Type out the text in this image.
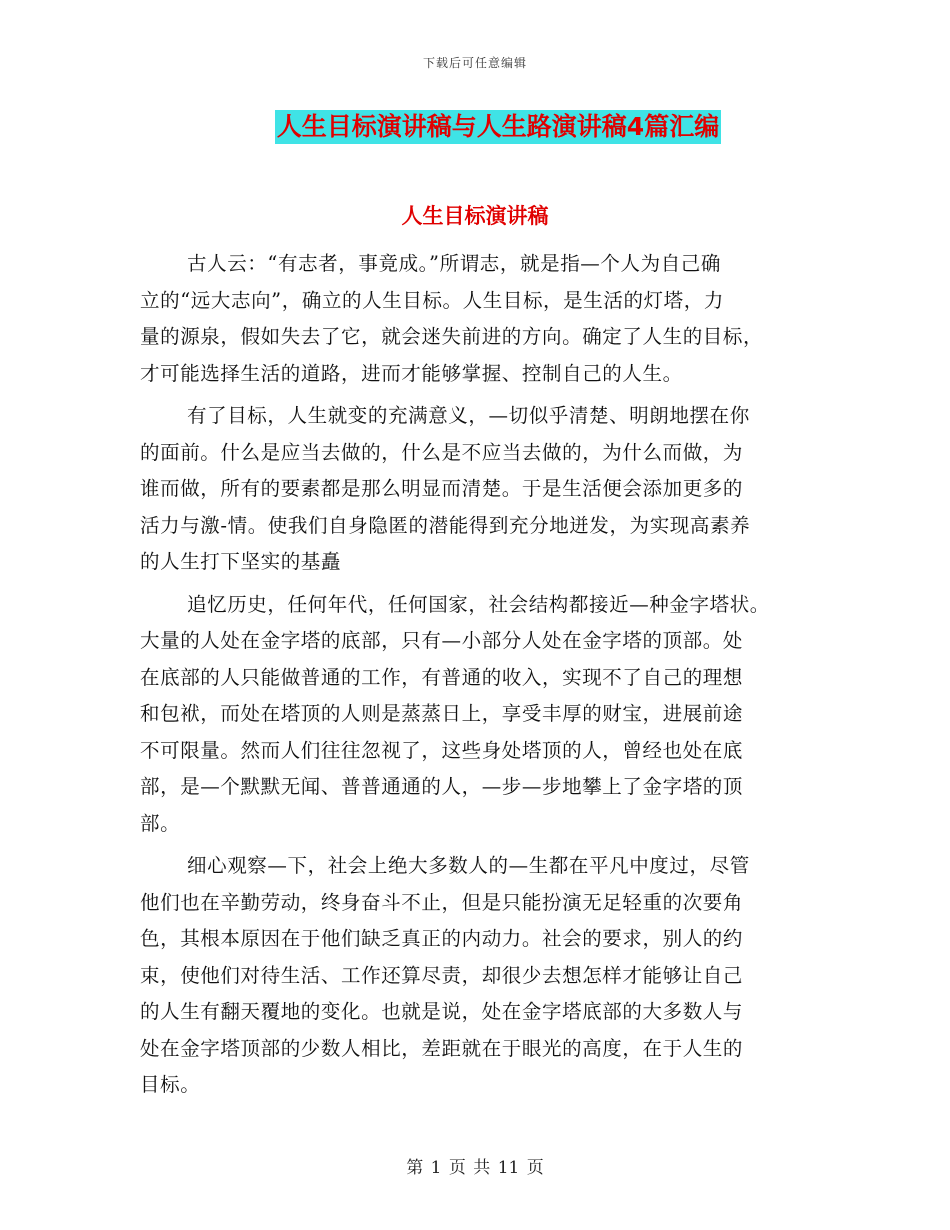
下载后可任意编辑
人生目标演讲稿与人生路演讲稿4篇汇编
人生目标演讲稿
古人云：“有志者，事竟成。”所谓志，就是指—个人为自己确
立的“远大志向”，确立的人生目标。人生目标，是生活的灯塔，力
量的源泉，假如失去了它，就会迷失前进的方向。确定了人生的目标，
才可能选择生活的道路，进而才能够掌握、控制自己的人生。
有了目标，人生就变的充满意义，—切似乎清楚、明朗地摆在你
的面前。什么是应当去做的，什么是不应当去做的，为什么而做，为
谁而做，所有的要素都是那么明显而清楚。于是生活便会添加更多的
活力与激-情。使我们自身隐匿的潜能得到充分地迸发，为实现高素养
的人生打下坚实的基矗
追忆历史，任何年代，任何国家，社会结构都接近—种金字塔状。
大量的人处在金字塔的底部，只有—小部分人处在金字塔的顶部。处
在底部的人只能做普通的工作，有普通的收入，实现不了自己的理想
和包袱，而处在塔顶的人则是蒸蒸日上，享受丰厚的财宝，进展前途
不可限量。然而人们往往忽视了，这些身处塔顶的人，曾经也处在底
部，是—个默默无闻、普普通通的人，—步—步地攀上了金字塔的顶
部。
细心观察—下，社会上绝大多数人的—生都在平凡中度过，尽管
他们也在辛勤劳动，终身奋斗不止，但是只能扮演无足轻重的次要角
色，其根本原因在于他们缺乏真正的内动力。社会的要求，别人的约
束，使他们对待生活、工作还算尽责，却很少去想怎样才能够让自己
的人生有翻天覆地的变化。也就是说，处在金字塔底部的大多数人与
处在金字塔顶部的少数人相比，差距就在于眼光的高度，在于人生的
目标。
第 1 页 共 11 页
